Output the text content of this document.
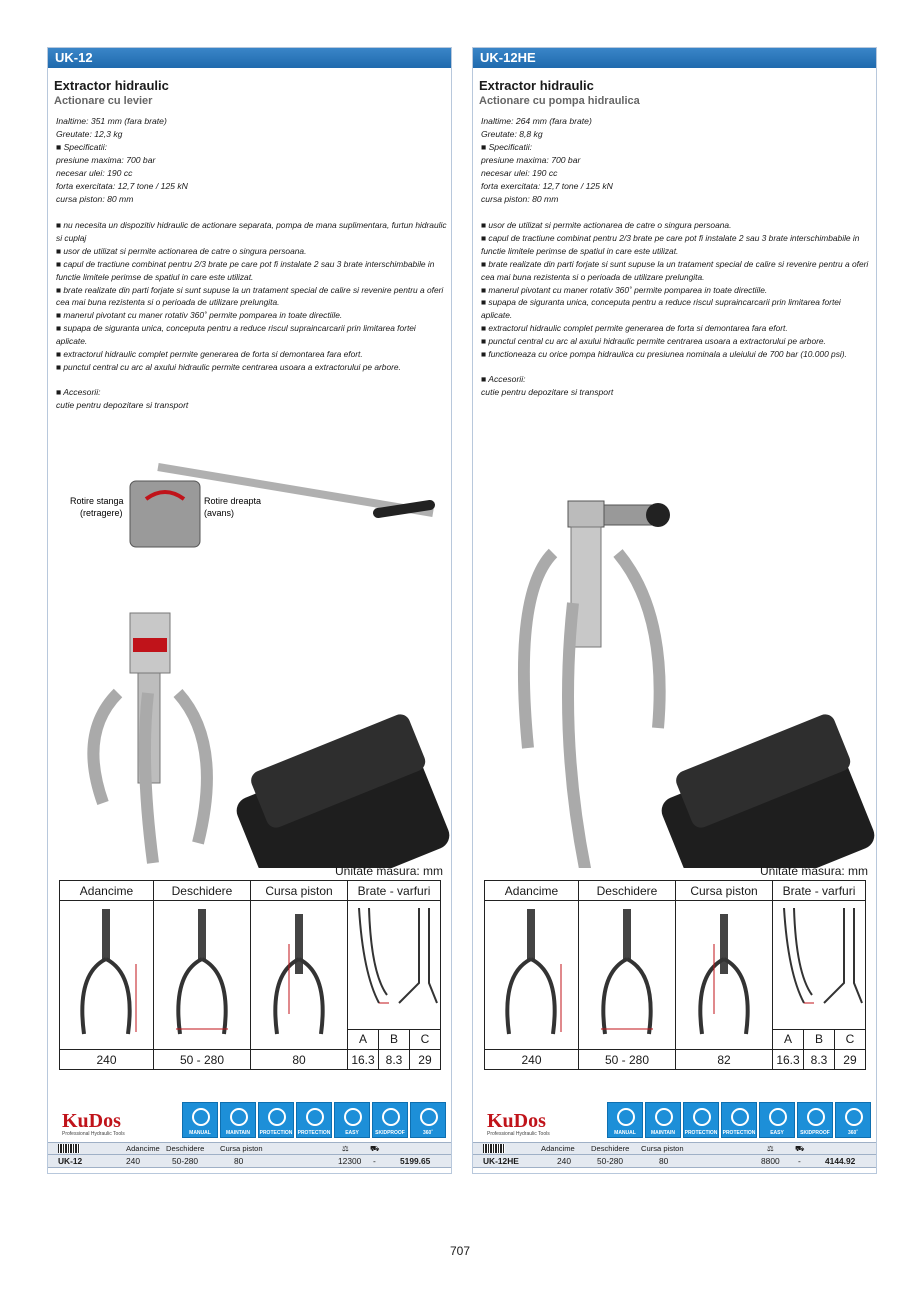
UK-12
Extractor hidraulic
Actionare cu levier
Inaltime: 351 mm (fara brate)
Greutate: 12,3 kg
■ Specificatii:
presiune maxima: 700 bar
necesar ulei: 190 cc
forta exercitata: 12,7 tone / 125 kN
cursa piston: 80 mm
■ nu necesita un dispozitiv hidraulic de actionare separata, pompa de mana suplimentara, furtun hidraulic si cuplaj
■ usor de utilizat si permite actionarea de catre o singura persoana.
■ capul de tractiune combinat pentru 2/3 brate pe care pot fi instalate 2 sau 3 brate interschimbabile in functie limitele perimse de spatiul in care este utilizat.
■ brate realizate din parti forjate si sunt supuse la un tratament special de calire si revenire pentru a oferi cea mai buna rezistenta si o perioada de utilizare prelungita.
■ manerul pivotant cu maner rotativ 360˚ permite pomparea in toate directiile.
■ supapa de siguranta unica, conceputa pentru a reduce riscul supraincarcarii prin limitarea fortei aplicate.
■ extractorul hidraulic complet permite generarea de forta si demontarea fara efort.
■ punctul central cu arc al axului hidraulic permite centrarea usoara a extractorului pe arbore.
■ Accesorii:
cutie pentru depozitare si transport
Rotire stanga
(retragere)
Rotire dreapta
(avans)
Unitate masura: mm
Adancime	Deschidere	Cursa piston	Brate - varfuri		

			A	B	C
240	50 - 280	80	16.3	8.3	29
KuDos
Professional Hydraulic Tools	MANUAL	MAINTAIN	PROTECTION PROTECTION	EASY	SKIDPROOF	360˚
Adancime Deschidere Cursa piston	⚖	⛟
UK-12	240	50-280	80	12300 -	5199.65
UK-12HE
Extractor hidraulic
Actionare cu pompa hidraulica
Inaltime: 264 mm (fara brate)
Greutate: 8,8 kg
■ Specificatii:
presiune maxima: 700 bar
necesar ulei: 190 cc
forta exercitata: 12,7 tone / 125 kN
cursa piston: 80 mm
■ usor de utilizat si permite actionarea de catre o singura persoana.
■ capul de tractiune combinat pentru 2/3 brate pe care pot fi instalate 2 sau 3 brate interschimbabile in functie limitele perimse de spatiul in care este utilizat.
■ brate realizate din parti forjate si sunt supuse la un tratament special de calire si revenire pentru a oferi cea mai buna rezistenta si o perioada de utilizare prelungita.
■ manerul pivotant cu maner rotativ 360˚ permite pomparea in toate directiile.
■ supapa de siguranta unica, conceputa pentru a reduce riscul supraincarcarii prin limitarea fortei aplicate.
■ extractorul hidraulic complet permite generarea de forta si demontarea fara efort.
■ punctul central cu arc al axului hidraulic permite centrarea usoara a extractorului pe arbore.
■ functioneaza cu orice pompa hidraulica cu presiunea nominala a uleiului de 700 bar (10.000 psi).
■ Accesorii:
cutie pentru depozitare si transport
Unitate masura: mm
Adancime	Deschidere	Cursa piston	Brate - varfuri		

			A	B	C
240	50 - 280	82	16.3	8.3	29
KuDos
Professional Hydraulic Tools	MANUAL	MAINTAIN	PROTECTION PROTECTION	EASY	SKIDPROOF	360˚
Adancime Deschidere Cursa piston	⚖	⛟
UK-12HE	240	50-280	80	8800 -	4144.92
707
